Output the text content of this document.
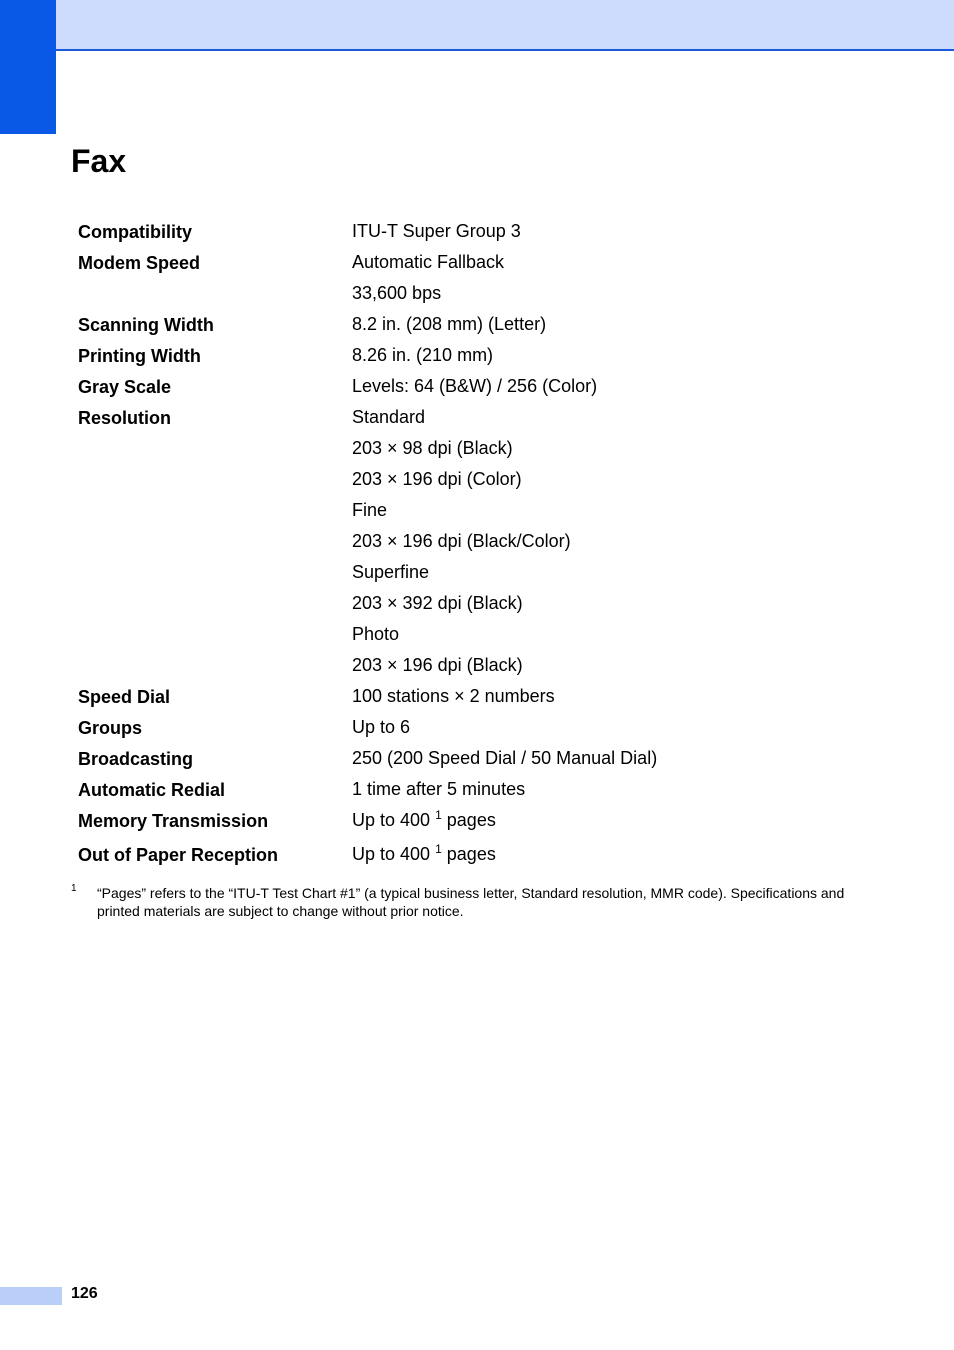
Fax
Compatibility	ITU-T Super Group 3
Modem Speed	Automatic Fallback
33,600 bps
Scanning Width	8.2 in. (208 mm) (Letter)
Printing Width	8.26 in. (210 mm)
Gray Scale	Levels: 64 (B&W) / 256 (Color)
Resolution	Standard
203 × 98 dpi (Black)
203 × 196 dpi (Color)
Fine
203 × 196 dpi (Black/Color)
Superfine
203 × 392 dpi (Black)
Photo
203 × 196 dpi (Black)
Speed Dial	100 stations × 2 numbers
Groups	Up to 6
Broadcasting	250 (200 Speed Dial / 50 Manual Dial)
Automatic Redial	1 time after 5 minutes
Memory Transmission	Up to 400 $^1$ pages
Out of Paper Reception	Up to 400 $^1$ pages
1 “Pages” refers to the “ITU-T Test Chart #1” (a typical business letter, Standard resolution, MMR code). Specifications and printed materials are subject to change without prior notice.
126
